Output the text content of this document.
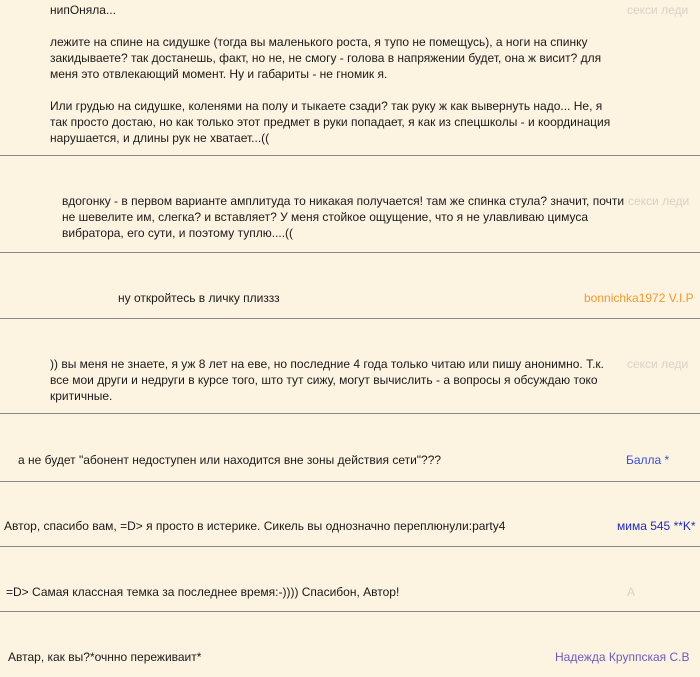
нипОняла...

лежите на спине на сидушке (тогда вы маленького роста, я тупо не помещусь), а ноги на спинку закидываете? так достанешь, факт, но не, не смогу - голова в напряжении будет, она ж висит? для меня это отвлекающий момент. Ну и габариты - не гномик я.

Или грудью на сидушке, коленями на полу и тыкаете сзади? так руку ж как вывернуть надо... Не, я так просто достаю, но как только этот предмет в руки попадает, я как из спецшколы - и координация нарушается, и длины рук не хватает...((
секси леди
вдогонку - в первом варианте амплитуда то никакая получается! там же спинка стула? значит, почти не шевелите им, слегка? и вставляет? У меня стойкое ощущение, что я не улавливаю цимуса вибратора, его сути, и поэтому туплю....((
секси леди
ну откройтесь в личку плиззз	bonnichka1972 V.I.P
)) вы меня не знаете, я уж 8 лет на еве, но последние 4 года только читаю или пишу анонимно. Т.к. все мои други и недруги в курсе того, што тут сижу, могут вычислить - а вопросы я обсуждаю токо критичные.
секси леди
а не будет "абонент недоступен или находится вне зоны действия сети"???	Балла *
Автор, спасибо вам, =D> я просто в истерике. Сикель вы однозначно переплюнули:party4	мима 545 **K*
=D> Самая классная темка за последнее время:-)))) Спасибон, Автор!	А
Автар, как вы?*очнно переживаит*	Надежда Круппская С.В
